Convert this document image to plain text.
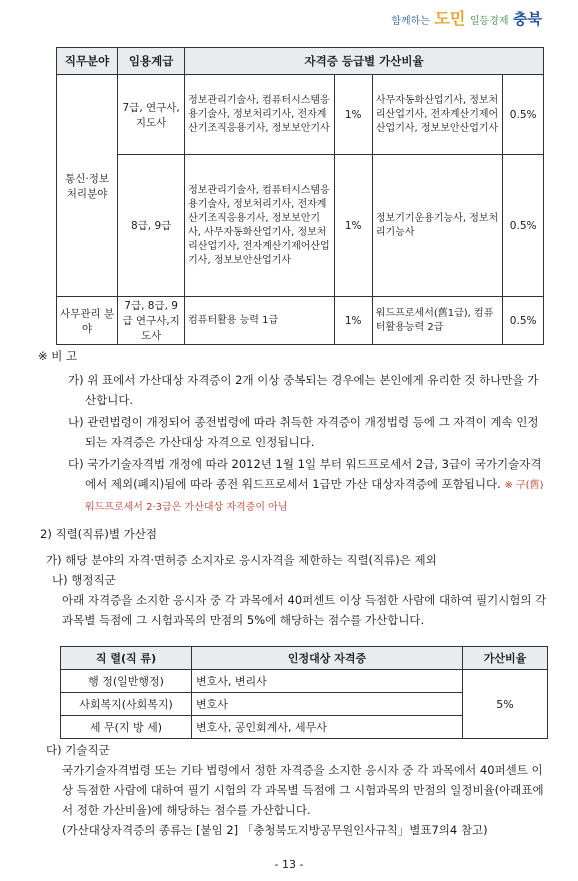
함께하는 도민 일등경제 충북
직무분야	임용계급	자격증 등급별 가산비율			
통신·정보 처리분야	7급, 연구사, 지도사	정보관리기술사, 컴퓨터시스템응용기술사, 정보처리기사, 전자계산기조직응용기사, 정보보안기사	1%	사무자동화산업기사, 정보처리산업기사, 전자계산기제어산업기사, 정보보안산업기사	0.5%
	8급, 9급	정보관리기술사, 컴퓨터시스템응용기술사, 정보처리기사, 전자계산기조직응용기사, 정보보안기사, 사무자동화산업기사, 정보처리산업기사, 전자계산기제어산업기사, 정보보안산업기사	1%	정보기기운용기능사, 정보처리기능사	0.5%
사무관리 분 야	7급, 8급, 9급 연구사,지도사	컴퓨터활용 능력 1급	1%	워드프로세서(舊1급), 컴퓨터활용능력 2급	0.5%
※ 비 고
가) 위 표에서 가산대상 자격증이 2개 이상 중복되는 경우에는 본인에게 유리한 것 하나만을 가산합니다.
나) 관련법령이 개정되어 종전법령에 따라 취득한 자격증이 개정법령 등에 그 자격이 계속 인정되는 자격증은 가산대상 자격으로 인정됩니다.
다) 국가기술자격법 개정에 따라 2012년 1월 1일 부터 워드프로세서 2급, 3급이 국가기술자격에서 제외(폐지)됨에 따라 종전 워드프로세서 1급만 가산 대상자격증에 포함됩니다. ※ 구(舊) 워드프로세서 2·3급은 가산대상 자격증이 아님
2) 직렬(직류)별 가산점
가) 해당 분야의 자격·면허증 소지자로 응시자격을 제한하는 직렬(직류)은 제외
나) 행정직군
아래 자격증을 소지한 응시자 중 각 과목에서 40퍼센트 이상 득점한 사람에 대하여 필기시험의 각 과목별 득점에 그 시험과목의 만점의 5%에 해당하는 점수를 가산합니다.
직 렬(직 류)	인정대상 자격증	가산비율
행 정(일반행정)	변호사, 변리사	5%
사회복지(사회복지)	변호사	
세 무(지 방 세)	변호사, 공인회계사, 세무사	
다) 기술직군
국가기술자격법령 또는 기타 법령에서 정한 자격증을 소지한 응시자 중 각 과목에서 40퍼센트 이상 득점한 사람에 대하여 필기 시험의 각 과목별 득점에 그 시험과목의 만점의 일정비율(아래표에서 정한 가산비율)에 해당하는 점수를 가산합니다.
(가산대상자격증의 종류는 [붙임 2] 「충청북도지방공무원인사규칙」별표7의4 참고)
- 13 -
